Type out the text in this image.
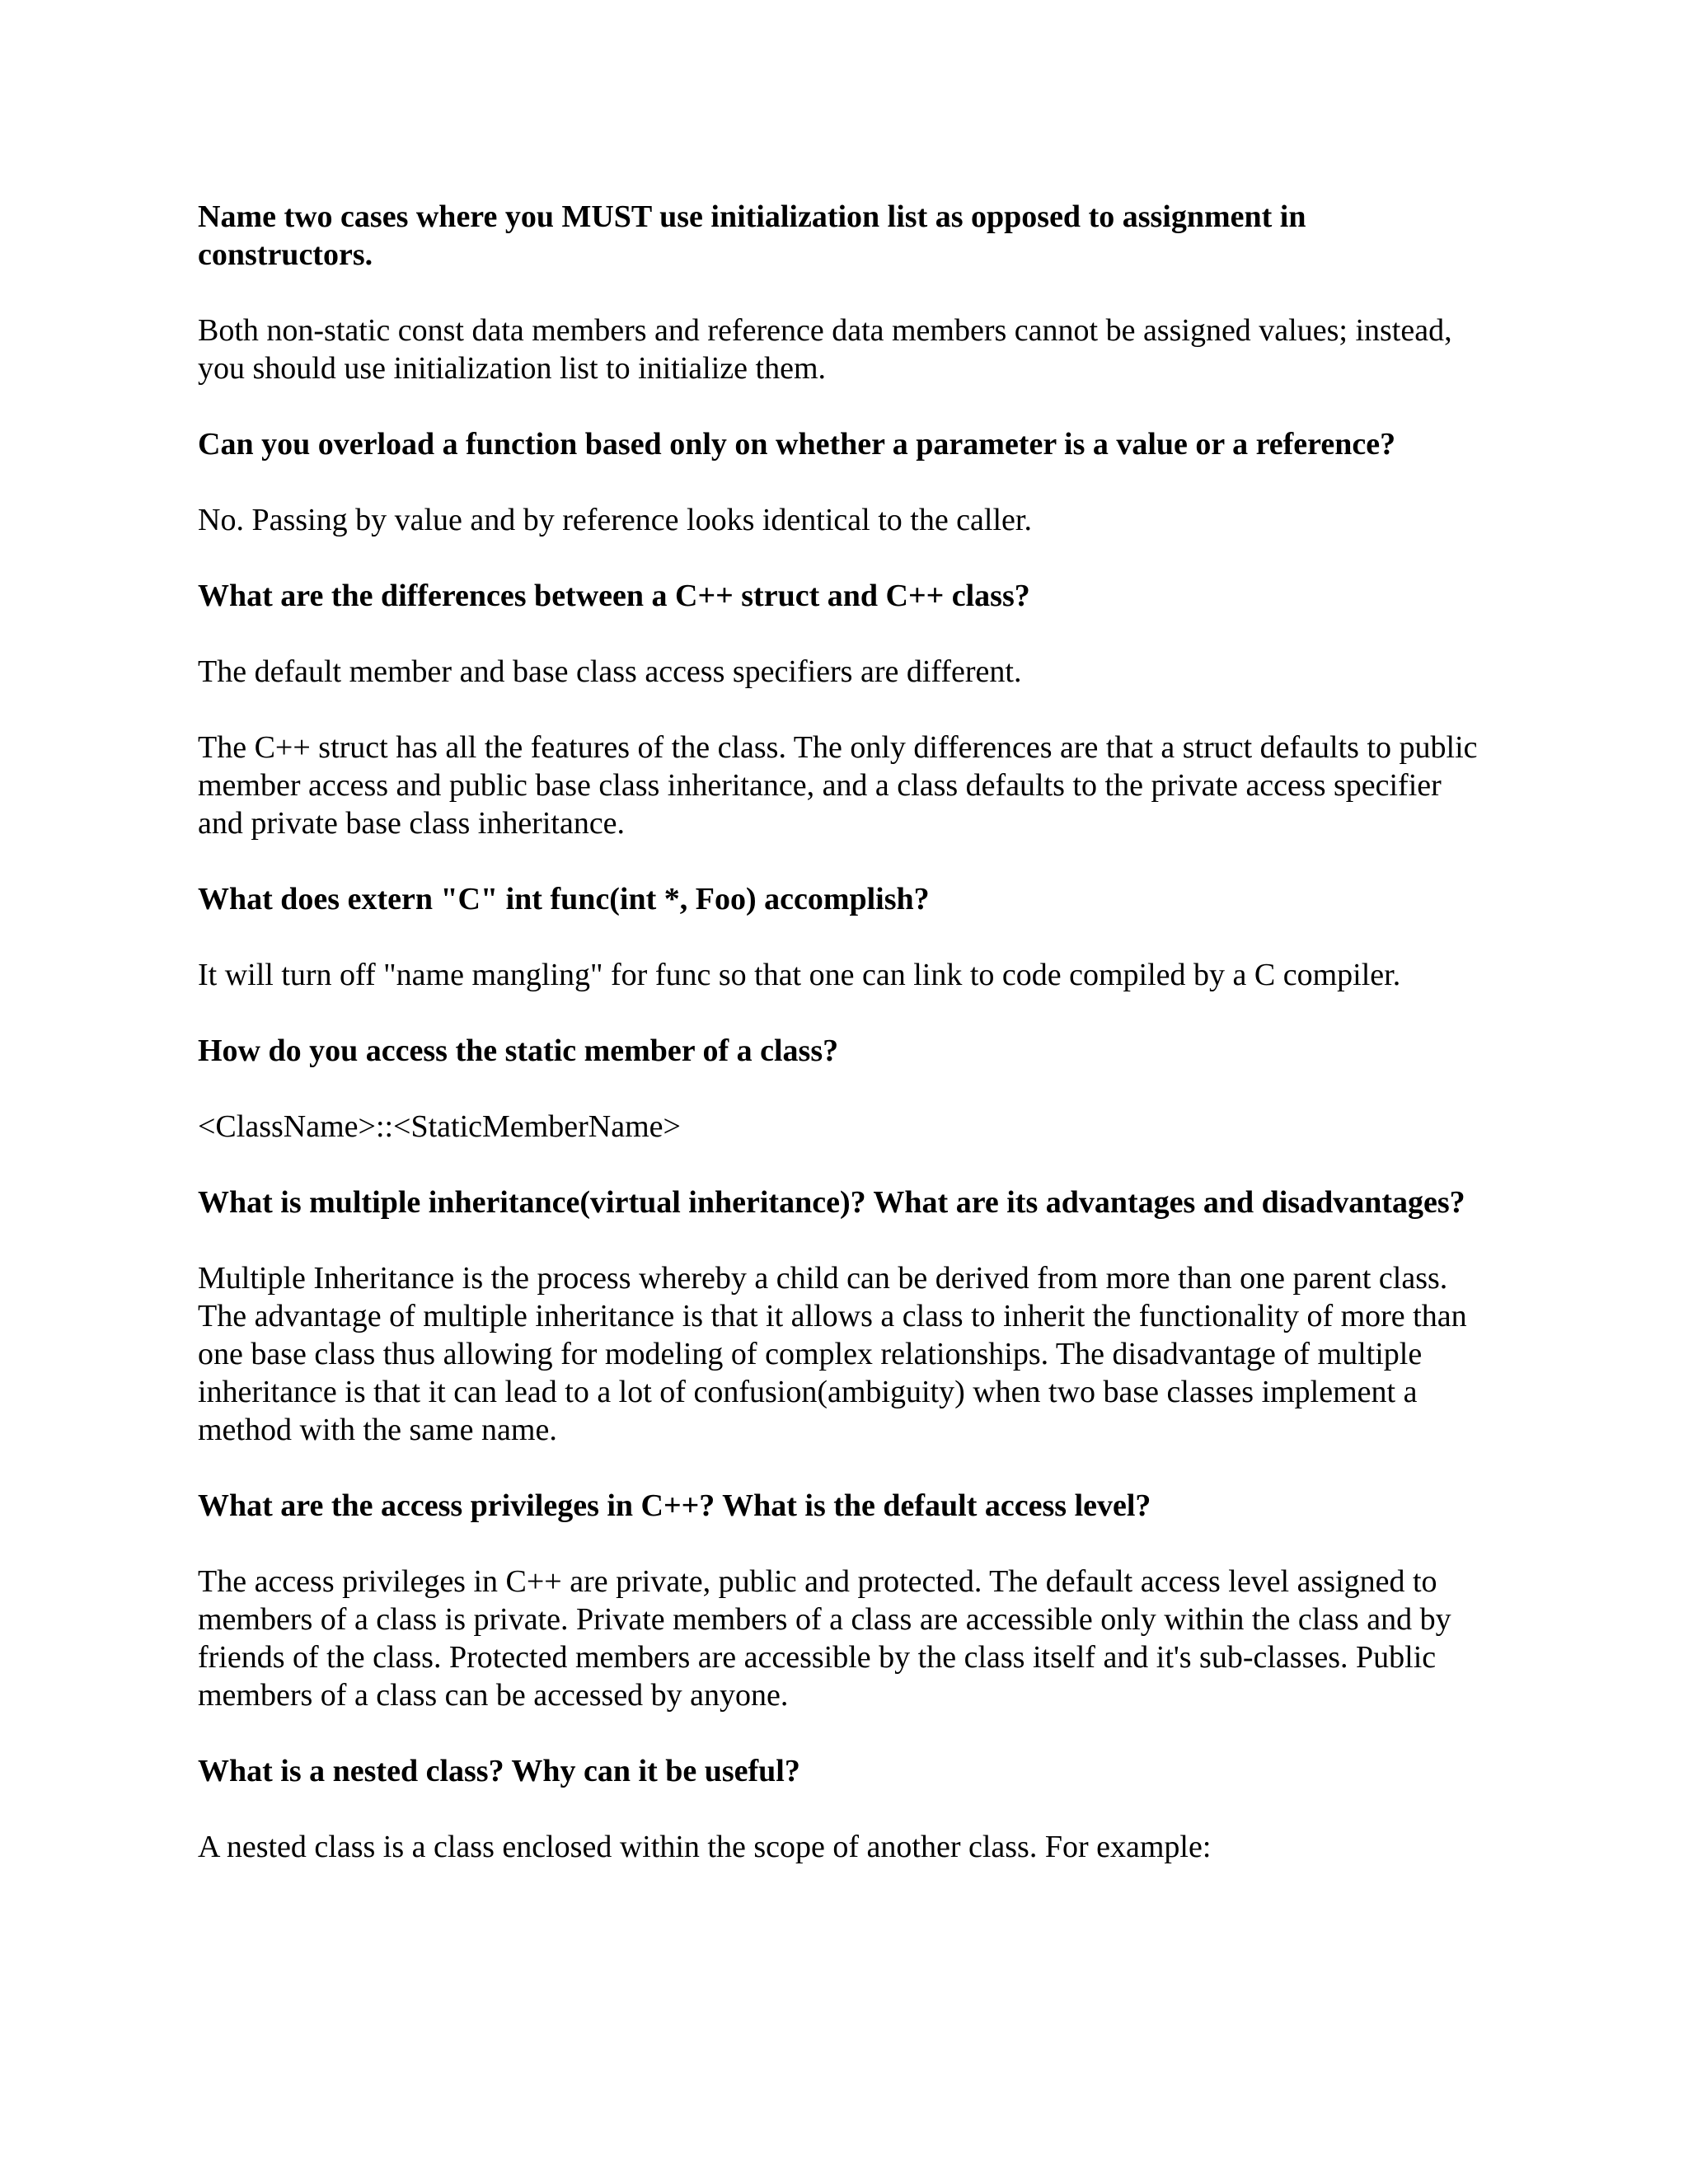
Name two cases where you MUST use initialization list as opposed to assignment in constructors.

Both non-static const data members and reference data members cannot be assigned values; instead, you should use initialization list to initialize them.

Can you overload a function based only on whether a parameter is a value or a reference?

No. Passing by value and by reference looks identical to the caller.

What are the differences between a C++ struct and C++ class?

The default member and base class access specifiers are different.

The C++ struct has all the features of the class. The only differences are that a struct defaults to public member access and public base class inheritance, and a class defaults to the private access specifier and private base class inheritance.

What does extern "C" int func(int *, Foo) accomplish?

It will turn off "name mangling" for func so that one can link to code compiled by a C compiler.

How do you access the static member of a class?

<ClassName>::<StaticMemberName>

What is multiple inheritance(virtual inheritance)? What are its advantages and disadvantages?

Multiple Inheritance is the process whereby a child can be derived from more than one parent class. The advantage of multiple inheritance is that it allows a class to inherit the functionality of more than one base class thus allowing for modeling of complex relationships. The disadvantage of multiple inheritance is that it can lead to a lot of confusion(ambiguity) when two base classes implement a method with the same name.

What are the access privileges in C++? What is the default access level?

The access privileges in C++ are private, public and protected. The default access level assigned to members of a class is private. Private members of a class are accessible only within the class and by friends of the class. Protected members are accessible by the class itself and it's sub-classes. Public members of a class can be accessed by anyone.

What is a nested class? Why can it be useful?

A nested class is a class enclosed within the scope of another class. For example:
